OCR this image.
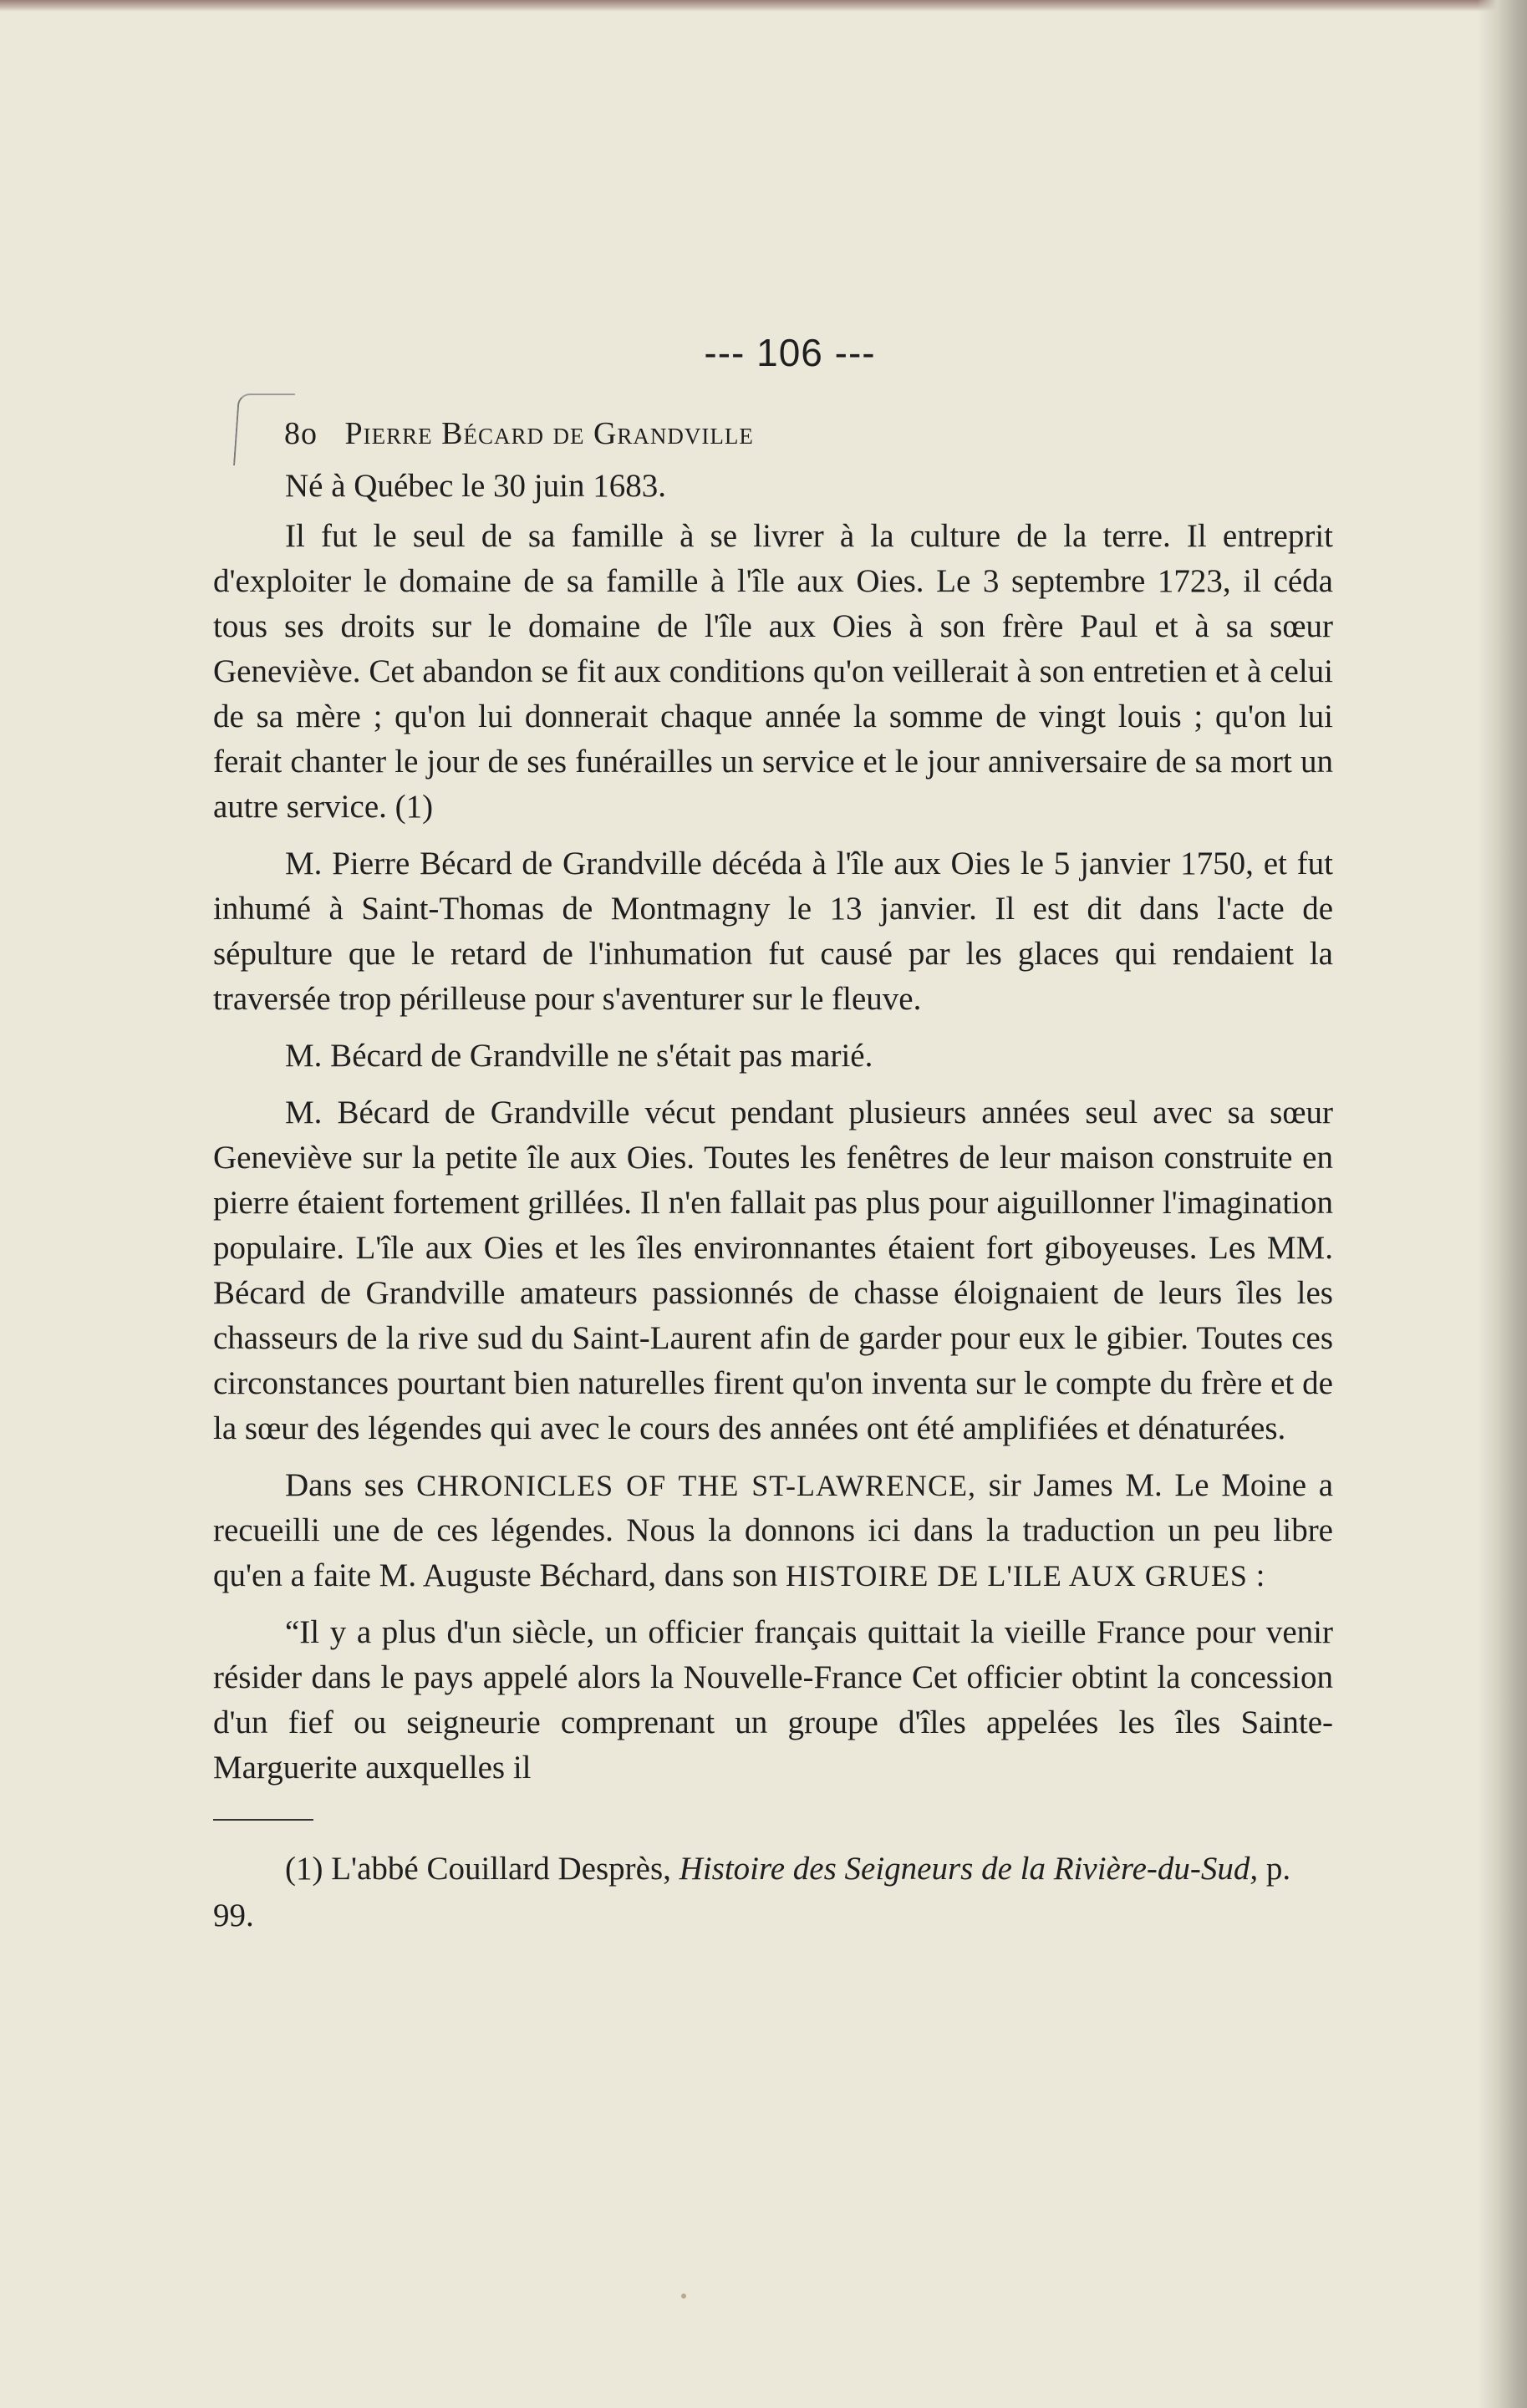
--- 106 ---
8o Pierre Bécard de Grandville
Né à Québec le 30 juin 1683.

Il fut le seul de sa famille à se livrer à la culture de la terre. Il entreprit d'exploiter le domaine de sa famille à l'île aux Oies. Le 3 septembre 1723, il céda tous ses droits sur le domaine de l'île aux Oies à son frère Paul et à sa sœur Geneviève. Cet abandon se fit aux conditions qu'on veillerait à son entretien et à celui de sa mère ; qu'on lui donnerait chaque année la somme de vingt louis ; qu'on lui ferait chanter le jour de ses funérailles un service et le jour anniversaire de sa mort un autre service. (1)

M. Pierre Bécard de Grandville décéda à l'île aux Oies le 5 janvier 1750, et fut inhumé à Saint-Thomas de Montmagny le 13 janvier. Il est dit dans l'acte de sépulture que le retard de l'inhumation fut causé par les glaces qui rendaient la traversée trop périlleuse pour s'aventurer sur le fleuve.

M. Bécard de Grandville ne s'était pas marié.

M. Bécard de Grandville vécut pendant plusieurs années seul avec sa sœur Geneviève sur la petite île aux Oies. Toutes les fenêtres de leur maison construite en pierre étaient fortement grillées. Il n'en fallait pas plus pour aiguillonner l'imagination populaire. L'île aux Oies et les îles environnantes étaient fort giboyeuses. Les MM. Bécard de Grandville amateurs passionnés de chasse éloignaient de leurs îles les chasseurs de la rive sud du Saint-Laurent afin de garder pour eux le gibier. Toutes ces circonstances pourtant bien naturelles firent qu'on inventa sur le compte du frère et de la sœur des légendes qui avec le cours des années ont été amplifiées et dénaturées.

Dans ses CHRONICLES OF THE ST-LAWRENCE, sir James M. Le Moine a recueilli une de ces légendes. Nous la donnons ici dans la traduction un peu libre qu'en a faite M. Auguste Béchard, dans son HISTOIRE DE L'ILE AUX GRUES :

“Il y a plus d'un siècle, un officier français quittait la vieille France pour venir résider dans le pays appelé alors la Nouvelle-France Cet officier obtint la concession d'un fief ou seigneurie comprenant un groupe d'îles appelées les îles Sainte-Marguerite auxquelles il

(1) L'abbé Couillard Desprès, Histoire des Seigneurs de la Rivière-du-Sud, p. 99.
